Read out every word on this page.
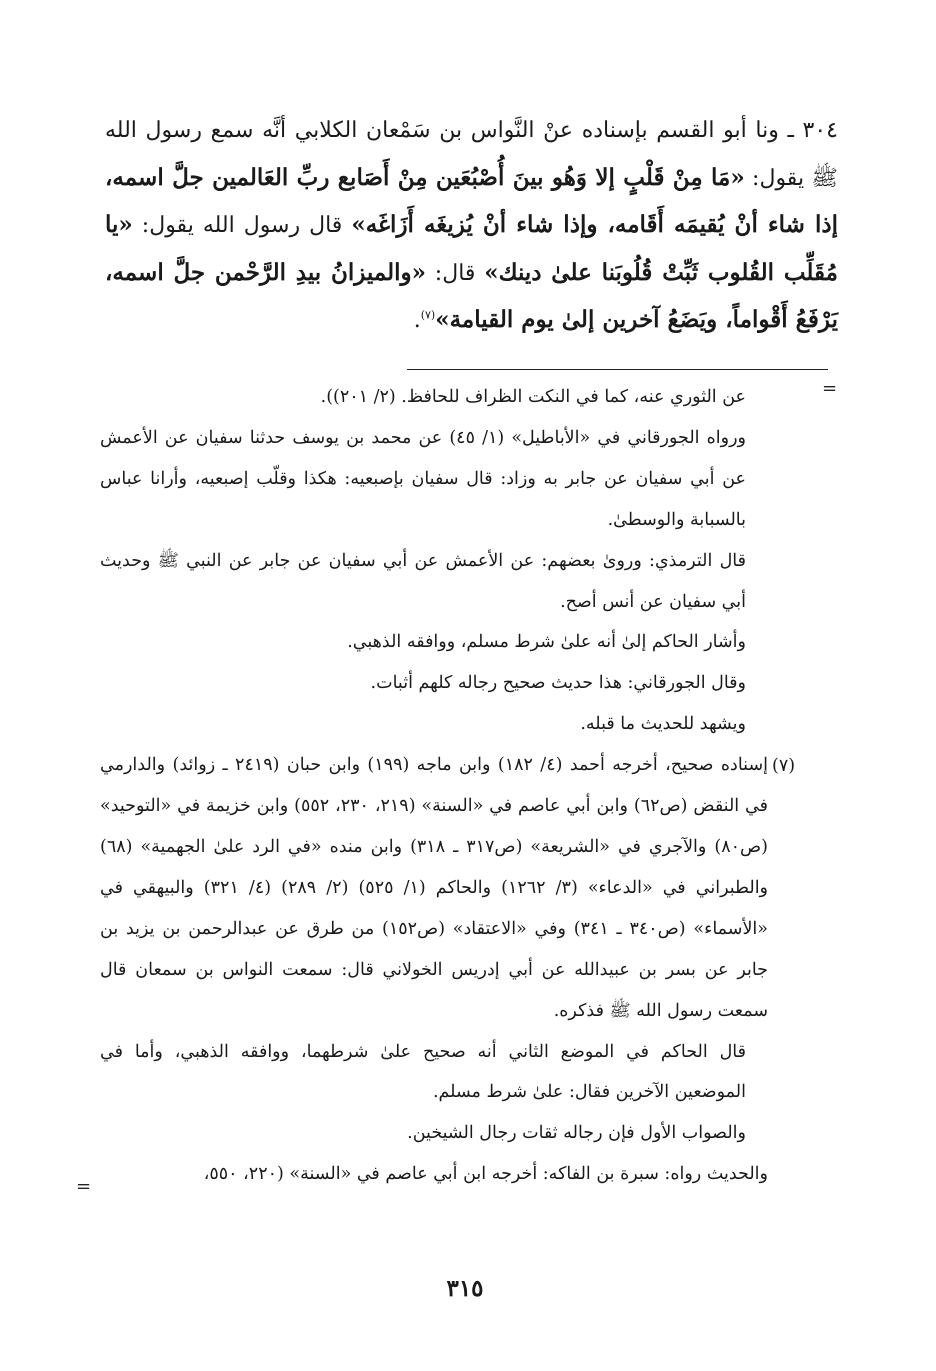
٣٠٤ ـ ونا أبو القسم بإسناده عنْ النَّواس بن سَمْعان الكلابي أنَّه سمع رسول الله ﷺ يقول: «مَا مِنْ قَلْبٍ إلا وَهُو بينَ أُصْبُعَين مِنْ أَصَابع ربِّ العَالمين جلَّ اسمه، إذا شاء أنْ يُقيمَه أَقَامه، وإذا شاء أنْ يُزيغَه أَزَاغَه» قال رسول الله يقول: «يا مُقَلِّب القُلوب ثَبِّتْ قُلُوبَنا علىٰ دينك» قال: «والميزانُ بيدِ الرَّحْمن جلَّ اسمه، يَرْفَعُ أَقْواماً، ويَضَعُ آخرين إلىٰ يوم القيامة»$^{(٧)}$.

=

عن الثوري عنه، كما في النكت الظراف للحافظ. (٢/ ٢٠١)).

ورواه الجورقاني في «الأباطيل» (١/ ٤٥) عن محمد بن يوسف حدثنا سفيان عن الأعمش عن أبي سفيان عن جابر به وزاد: قال سفيان بإصبعيه: هكذا وقلّب إصبعيه، وأرانا عباس بالسبابة والوسطىٰ.

قال الترمذي: وروىٰ بعضهم: عن الأعمش عن أبي سفيان عن جابر عن النبي ﷺ وحديث أبي سفيان عن أنس أصح.

وأشار الحاكم إلىٰ أنه علىٰ شرط مسلم، ووافقه الذهبي.

وقال الجورقاني: هذا حديث صحيح رجاله كلهم أثبات.

ويشهد للحديث ما قبله.

إسناده صحيح، أخرجه أحمد (٤/ ١٨٢) وابن ماجه (١٩٩) وابن حبان (٢٤١٩ ـ زوائد) والدارمي في النقض (ص٦٢) وابن أبي عاصم في «السنة» (٢١٩، ٢٣٠، ٥٥٢) وابن خزيمة في «التوحيد» (ص٨٠) والآجري في «الشريعة» (ص٣١٧ ـ ٣١٨) وابن منده «في الرد علىٰ الجهمية» (٦٨) والطبراني في «الدعاء» (٣/ ١٢٦٢) والحاكم (١/ ٥٢٥) (٢/ ٢٨٩) (٤/ ٣٢١) والبيهقي في «الأسماء» (ص٣٤٠ ـ ٣٤١) وفي «الاعتقاد» (ص١٥٢) من طرق عن عبدالرحمن بن يزيد بن جابر عن بسر بن عبيدالله عن أبي إدريس الخولاني قال: سمعت النواس بن سمعان قال سمعت رسول الله ﷺ فذكره.

قال الحاكم في الموضع الثاني أنه صحيح علىٰ شرطهما، ووافقه الذهبي، وأما في الموضعين الآخرين فقال: علىٰ شرط مسلم.

والصواب الأول فإن رجاله ثقات رجال الشيخين.

والحديث رواه: سبرة بن الفاكه: أخرجه ابن أبي عاصم في «السنة» (٢٢٠، ٥٥٠،

(٧)
=
٣١٥
